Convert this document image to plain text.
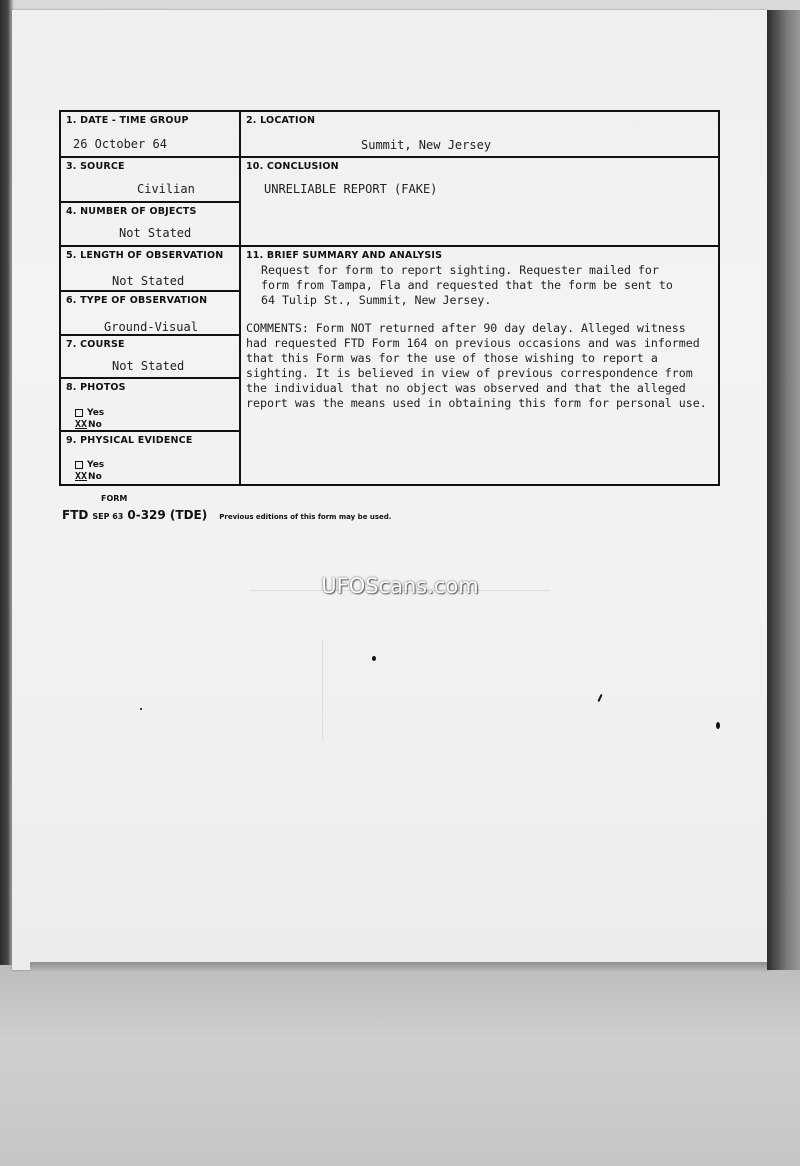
1. DATE - TIME GROUP
26 October 64
3. SOURCE
Civilian
4. NUMBER OF OBJECTS
Not Stated
5. LENGTH OF OBSERVATION
Not Stated
6. TYPE OF OBSERVATION
Ground-Visual
7. COURSE
Not Stated
8. PHOTOS
Yes
XXNo
9. PHYSICAL EVIDENCE
Yes
XXNo
2. LOCATION
Summit, New Jersey
10. CONCLUSION
UNRELIABLE REPORT (FAKE)
11. BRIEF SUMMARY AND ANALYSIS
Request for form to report sighting. Requester mailed for
form from Tampa, Fla and requested that the form be sent to
64 Tulip St., Summit, New Jersey.
COMMENTS: Form NOT returned after 90 day delay. Alleged witness
had requested FTD Form 164 on previous occasions and was informed
that this Form was for the use of those wishing to report a
sighting. It is believed in view of previous correspondence from
the individual that no object was observed and that the alleged
report was the means used in obtaining this form for personal use.
FORM
FTD SEP 63 0-329 (TDE) Previous editions of this form may be used.
UFOScans.com
